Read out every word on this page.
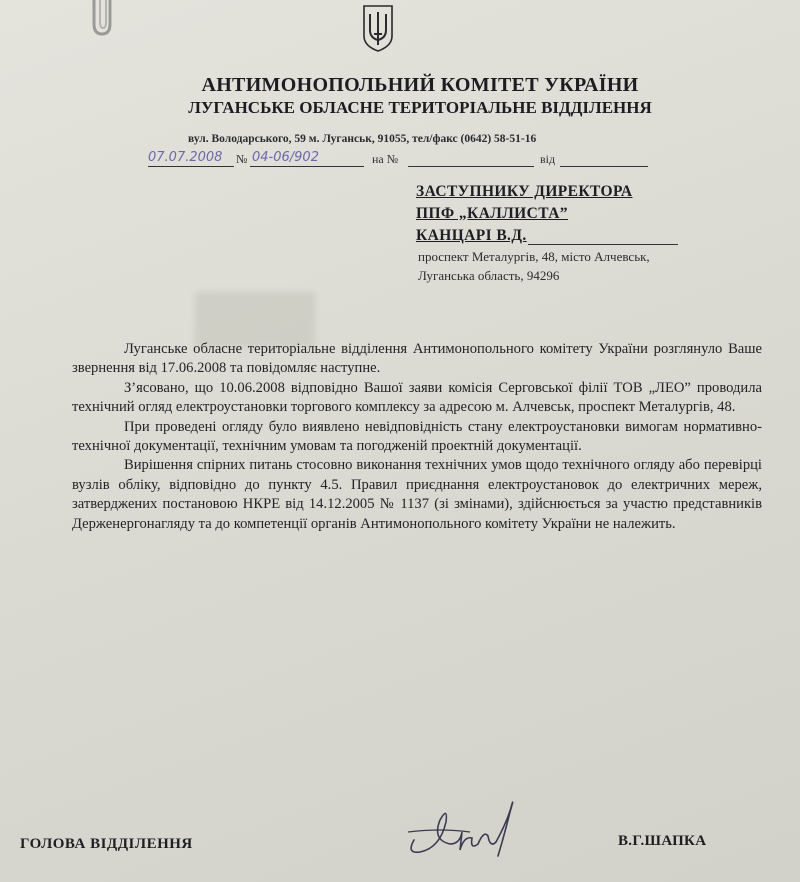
АНТИМОНОПОЛЬНИЙ КОМІТЕТ УКРАЇНИ
ЛУГАНСЬКЕ ОБЛАСНЕ ТЕРИТОРІАЛЬНЕ ВІДДІЛЕННЯ
вул. Володарського, 59 м. Луганськ, 91055, тел/факс (0642) 58-51-16
07.07.2008 № 04-06/902	на №	від
ЗАСТУПНИКУ ДИРЕКТОРА
ППФ „КАЛЛИСТА”
КАНЦАРІ В.Д.
проспект Металургів, 48, місто Алчевськ,
Луганська область, 94296

Луганське обласне територіальне відділення Антимонопольного комітету України розглянуло Ваше звернення від 17.06.2008 та повідомляє наступне.

З’ясовано, що 10.06.2008 відповідно Вашої заяви комісія Серговської філії ТОВ „ЛЕО” проводила технічний огляд електроустановки торгового комплексу за адресою м. Алчевськ, проспект Металургів, 48.

При проведені огляду було виявлено невідповідність стану електроустановки вимогам нормативно-технічної документації, технічним умовам та погодженій проектній документації.

Вирішення спірних питань стосовно виконання технічних умов щодо технічного огляду або перевірці вузлів обліку, відповідно до пункту 4.5. Правил приєднання електроустановок до електричних мереж, затверджених постановою НКРЕ від 14.12.2005 № 1137 (зі змінами), здійснюється за участю представників Держенергонагляду та до компетенції органів Антимонопольного комітету України не належить.

ГОЛОВА ВІДДІЛЕННЯ	В.Г.ШАПКА
